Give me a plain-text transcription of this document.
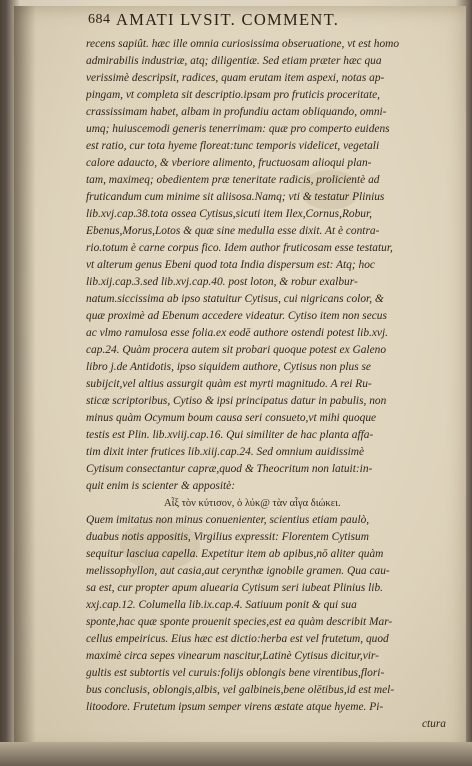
684 AMATI LVSIT. COMMENT.
recens sapiût. hæc ille omnia curiosissima obseruatione, vt est homo
admirabilis industriæ, atq; diligentiæ. Sed etiam præter hæc qua
verissimè descripsit, radices, quam erutam item aspexi, notas ap-
pingam, vt completa sit descriptio.ipsam pro fruticis proceritate,
crassissimam habet, albam in profundiu actam obliquando, omni-
umq; huiuscemodi generis tenerrimam: quæ pro comperto euidens
est ratio, cur tota hyeme floreat:tunc temporis videlicet, vegetali
calore adaucto, & vberiore alimento, fructuosam alioqui plan-
tam, maximeq; obedientem præ teneritate radicis, prolicientè ad
fruticandum cum minime sit aliisosa.Namq; vti & testatur Plinius
lib.xvj.cap.38.tota ossea Cytisus,sicuti item Ilex,Cornus,Robur,
Ebenus,Morus,Lotos & quæ sine medulla esse dixit. At è contra-
rio.totum è carne corpus fico. Idem author fruticosam esse testatur,
vt alterum genus Ebeni quod tota India dispersum est: Atq; hoc
lib.xij.cap.3.sed lib.xvj.cap.40. post loton, & robur exalbur-
natum.siccissima ab ipso statuitur Cytisus, cui nigricans color, &
quæ proximè ad Ebenum accedere videatur. Cytiso item non secus
ac vlmo ramulosa esse folia.ex eodē authore ostendi potest lib.xvj.
cap.24. Quàm procera autem sit probari quoque potest ex Galeno
libro j.de Antidotis, ipso siquidem authore, Cytisus non plus se
subijcit,vel altius assurgit quàm est myrti magnitudo. A rei Ru-
sticæ scriptoribus, Cytiso & ipsi principatus datur in pabulis, non
minus quàm Ocymum boum causa seri consueto,vt mihi quoque
testis est Plin. lib.xviij.cap.16. Qui similiter de hac planta affa-
tim dixit inter frutices lib.xiij.cap.24. Sed omnium auidissimè
Cytisum consectantur capræ,quod & Theocritum non latuit:in-
quit enim is scienter & appositè:
Αἶξ τὸν κύτισον, ὁ λύκ@ τὰν αἶγα διώκει.
Quem imitatus non minus conuenienter, scientius etiam paulò,
duabus notis appositis, Virgilius expressit: Florentem Cytisum
sequitur lasciua capella. Expetitur item ab apibus,nō aliter quàm
melissophyllon, aut casia,aut cerynthæ ignobile gramen. Qua cau-
sa est, cur propter apum aluearia Cytisum seri iubeat Plinius lib.
xxj.cap.12. Columella lib.ix.cap.4. Satiuum ponit & qui sua
sponte,hac quæ sponte prouenit species,est ea quàm describit Mar-
cellus empeiricus. Eius hæc est dictio:herba est vel frutetum, quod
maximè circa sepes vinearum nascitur,Latinè Cytisus dicitur,vir-
gultis est subtortis vel curuis:folijs oblongis bene virentibus,flori-
bus conclusis, oblongis,albis, vel galbineis,bene olētibus,id est mel-
litoodore. Frutetum ipsum semper virens æstate atque hyeme. Pi-
ctura
